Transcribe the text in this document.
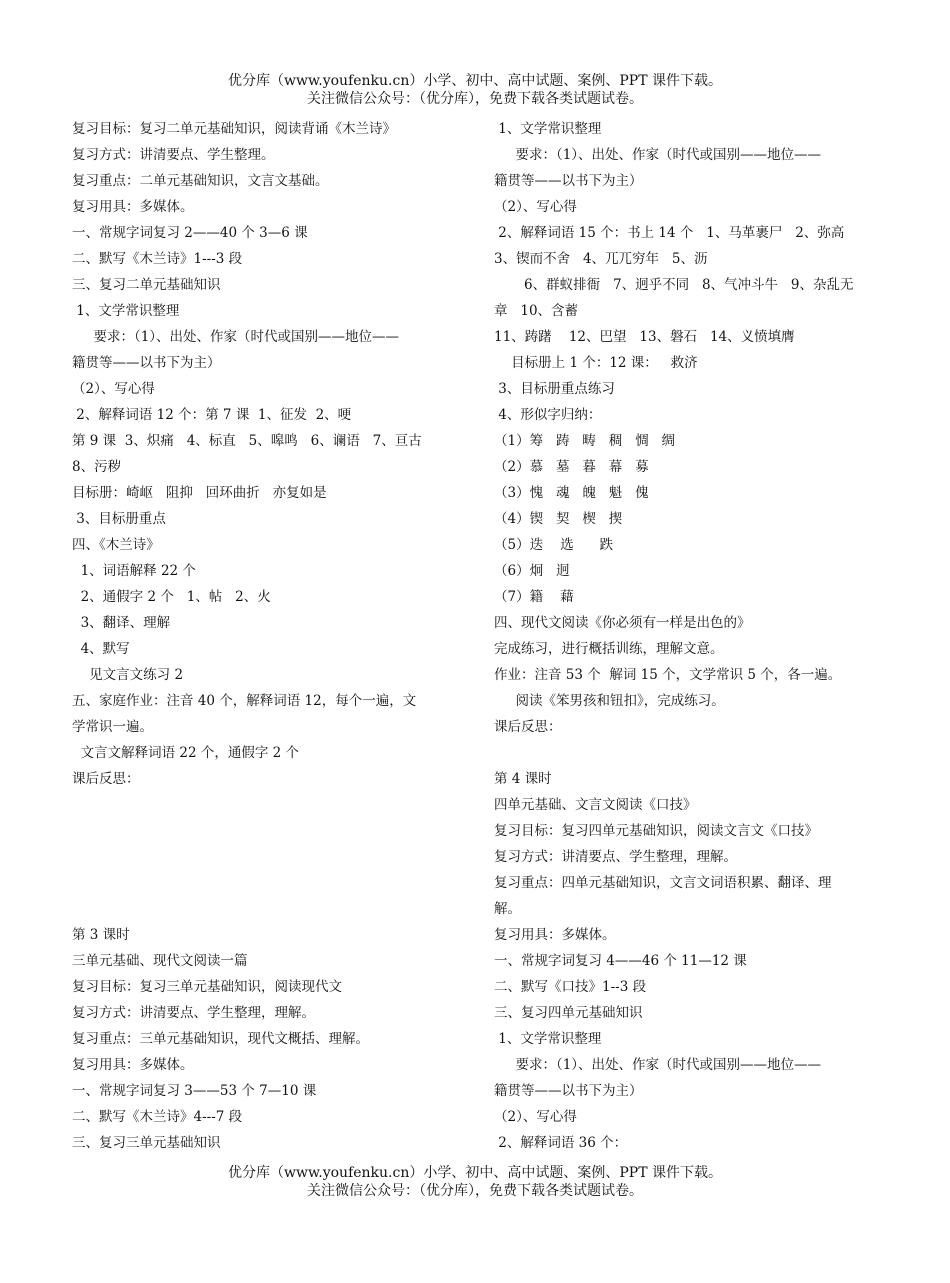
优分库（www.youfenku.cn）小学、初中、高中试题、案例、PPT 课件下载。
关注微信公众号：（优分库），免费下载各类试题试卷。
复习目标：复习二单元基础知识，阅读背诵《木兰诗》
复习方式：讲清要点、学生整理。
复习重点：二单元基础知识，文言文基础。
复习用具：多媒体。
一、常规字词复习 2——40 个 3—6 课
二、默写《木兰诗》1---3 段
三、复习二单元基础知识
1、文学常识整理
要求：（1）、出处、作家（时代或国别——地位——
籍贯等——以书下为主）
（2）、写心得
2、解释词语 12 个：第 7 课  1、征发  2、哽
第 9 课  3、炽痛   4、标直   5、嗥鸣   6、谰语   7、亘古
8、污秽
目标册：崎岖   阻抑   回环曲折   亦复如是
3、目标册重点
四、《木兰诗》
1、词语解释 22 个
2、通假字 2 个   1、帖   2、火
3、翻译、理解
4、默写
见文言文练习 2
五、家庭作业：注音 40 个，解释词语 12，每个一遍，文
学常识一遍。
文言文解释词语 22 个，通假字 2 个
课后反思：
第 3 课时
三单元基础、现代文阅读一篇
复习目标：复习三单元基础知识，阅读现代文
复习方式：讲清要点、学生整理，理解。
复习重点：三单元基础知识，现代文概括、理解。
复习用具：多媒体。
一、常规字词复习 3——53 个 7—10 课
二、默写《木兰诗》4---7 段
三、复习三单元基础知识
1、文学常识整理
要求：（1）、出处、作家（时代或国别——地位——
籍贯等——以书下为主）
（2）、写心得
2、解释词语 15 个：书上 14 个   1、马革裹尸   2、弥高
3、锲而不舍   4、兀兀穷年   5、沥
6、群蚁排衙   7、迥乎不同   8、气冲斗牛   9、杂乱无
章   10、含蓄
11、踌躇    12、巴望   13、磐石   14、义愤填膺
目标册上 1 个：12 课：   救济
3、目标册重点练习
4、形似字归纳：
（1）筹   踌   畴   稠   惆   绸
（2）慕   墓   暮   幕   募
（3）愧   魂   魄   魁   傀
（4）锲   契   楔   揳
（5）迭    选      跌
（6）炯   迥
（7）籍    藉
四、现代文阅读《你必须有一样是出色的》
完成练习，进行概括训练，理解文意。
作业：注音 53 个  解词 15 个，文学常识 5 个，各一遍。
阅读《笨男孩和钮扣》，完成练习。
课后反思：
第 4 课时
四单元基础、文言文阅读《口技》
复习目标：复习四单元基础知识，阅读文言文《口技》
复习方式：讲清要点、学生整理，理解。
复习重点：四单元基础知识，文言文词语积累、翻译、理
解。
复习用具：多媒体。
一、常规字词复习 4——46 个 11—12 课
二、默写《口技》1--3 段
三、复习四单元基础知识
1、文学常识整理
要求：（1）、出处、作家（时代或国别——地位——
籍贯等——以书下为主）
（2）、写心得
2、解释词语 36 个：
优分库（www.youfenku.cn）小学、初中、高中试题、案例、PPT 课件下载。
关注微信公众号：（优分库），免费下载各类试题试卷。
